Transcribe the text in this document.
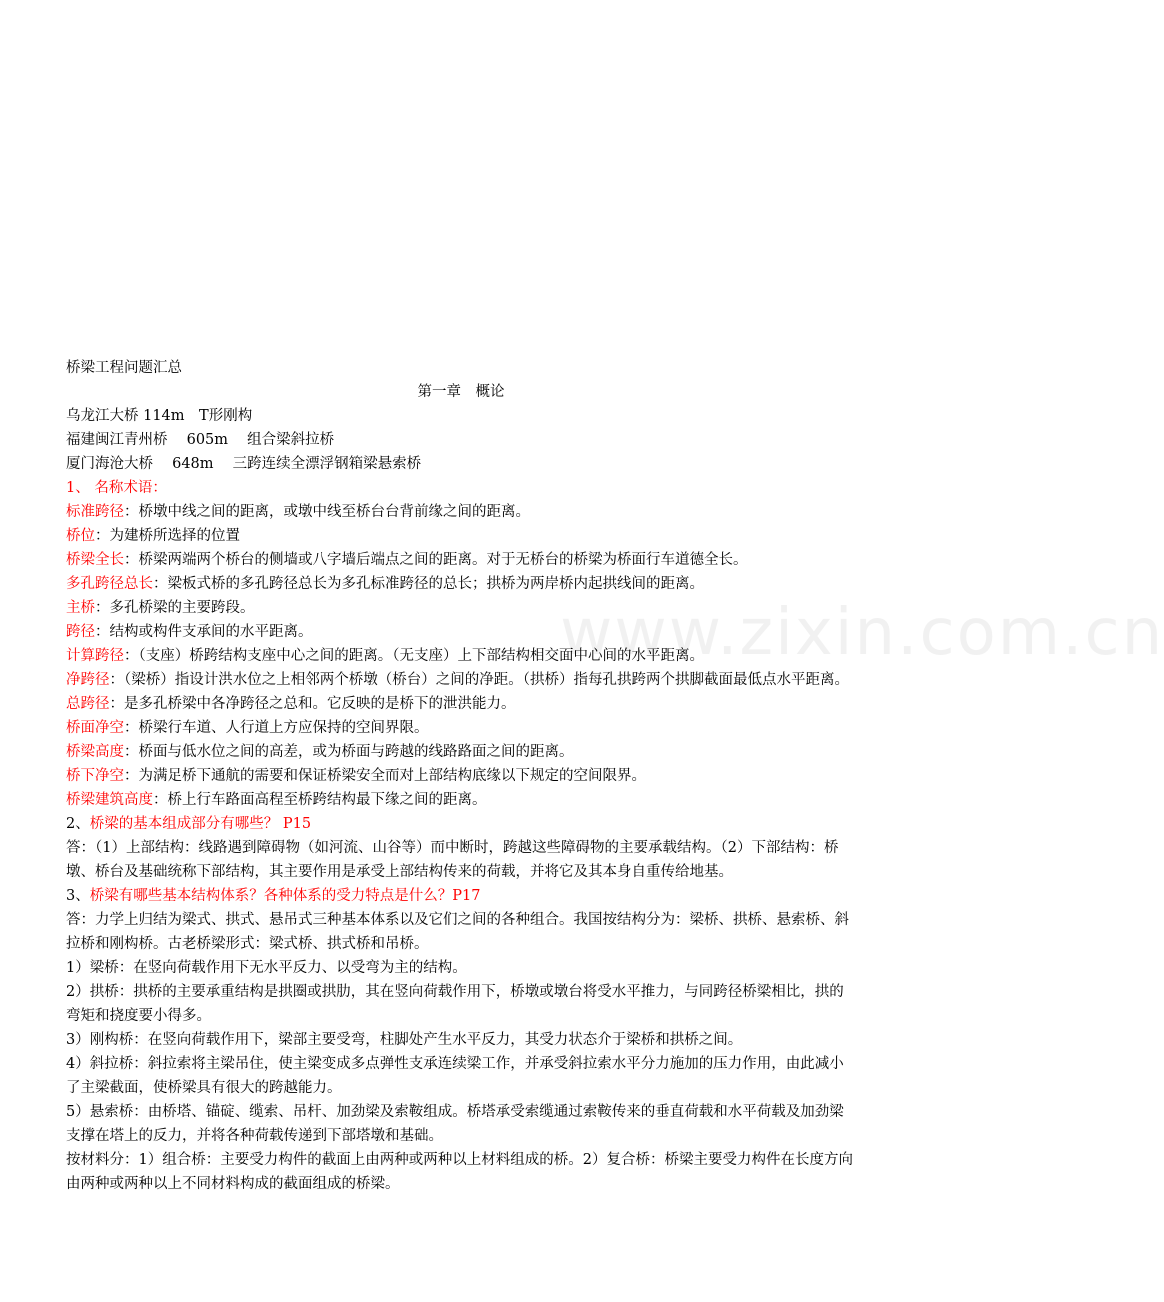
www.zixin.com.cn
桥梁工程问题汇总
第一章　概论
乌龙江大桥 114m　T形刚构
福建闽江青州桥　 605m　 组合梁斜拉桥
厦门海沧大桥　 648m　 三跨连续全漂浮钢箱梁悬索桥
1、 名称术语：
标准跨径：桥墩中线之间的距离，或墩中线至桥台台背前缘之间的距离。
桥位：为建桥所选择的位置
桥梁全长：桥梁两端两个桥台的侧墙或八字墙后端点之间的距离。对于无桥台的桥梁为桥面行车道德全长。
多孔跨径总长：梁板式桥的多孔跨径总长为多孔标准跨径的总长；拱桥为两岸桥内起拱线间的距离。
主桥：多孔桥梁的主要跨段。
跨径：结构或构件支承间的水平距离。
计算跨径：（支座）桥跨结构支座中心之间的距离。（无支座）上下部结构相交面中心间的水平距离。
净跨径：（梁桥）指设计洪水位之上相邻两个桥墩（桥台）之间的净距。（拱桥）指每孔拱跨两个拱脚截面最低点水平距离。
总跨径：是多孔桥梁中各净跨径之总和。它反映的是桥下的泄洪能力。
桥面净空：桥梁行车道、人行道上方应保持的空间界限。
桥梁高度：桥面与低水位之间的高差，或为桥面与跨越的线路路面之间的距离。
桥下净空：为满足桥下通航的需要和保证桥梁安全而对上部结构底缘以下规定的空间限界。
桥梁建筑高度：桥上行车路面高程至桥跨结构最下缘之间的距离。
2、桥梁的基本组成部分有哪些？ P15
答：（1）上部结构：线路遇到障碍物（如河流、山谷等）而中断时，跨越这些障碍物的主要承载结构。（2）下部结构：桥墩、桥台及基础统称下部结构，其主要作用是承受上部结构传来的荷载，并将它及其本身自重传给地基。
3、桥梁有哪些基本结构体系？各种体系的受力特点是什么？P17
答：力学上归结为梁式、拱式、悬吊式三种基本体系以及它们之间的各种组合。我国按结构分为：梁桥、拱桥、悬索桥、斜拉桥和刚构桥。古老桥梁形式：梁式桥、拱式桥和吊桥。
1）梁桥：在竖向荷载作用下无水平反力、以受弯为主的结构。
2）拱桥：拱桥的主要承重结构是拱圈或拱肋，其在竖向荷载作用下，桥墩或墩台将受水平推力，与同跨径桥梁相比，拱的弯矩和挠度要小得多。
3）刚构桥：在竖向荷载作用下，梁部主要受弯，柱脚处产生水平反力，其受力状态介于梁桥和拱桥之间。
4）斜拉桥：斜拉索将主梁吊住，使主梁变成多点弹性支承连续梁工作，并承受斜拉索水平分力施加的压力作用，由此减小了主梁截面，使桥梁具有很大的跨越能力。
5）悬索桥：由桥塔、锚碇、缆索、吊杆、加劲梁及索鞍组成。桥塔承受索缆通过索鞍传来的垂直荷载和水平荷载及加劲梁支撑在塔上的反力，并将各种荷载传递到下部塔墩和基础。
按材料分：1）组合桥：主要受力构件的截面上由两种或两种以上材料组成的桥。2）复合桥：桥梁主要受力构件在长度方向由两种或两种以上不同材料构成的截面组成的桥梁。
